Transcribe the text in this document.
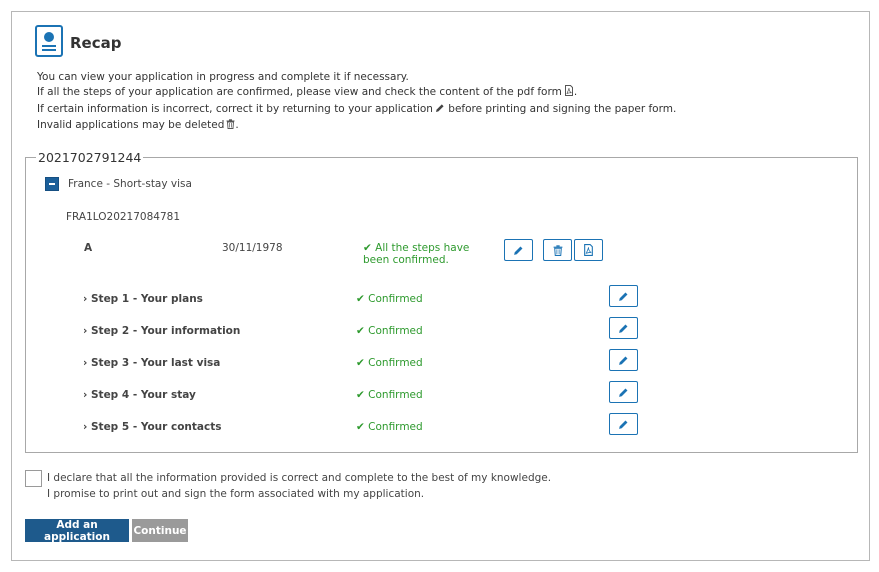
Recap
You can view your application in progress and complete it if necessary.
If all the steps of your application are confirmed, please view and check the content of the pdf form .
If certain information is incorrect, correct it by returning to your application before printing and signing the paper form.
Invalid applications may be deleted .
2021702791244
France - Short-stay visa
FRA1LO20217084781
A	30/11/1978	✔ All the steps have been confirmed.
› Step 1 - Your plans	✔ Confirmed
› Step 2 - Your information	✔ Confirmed
› Step 3 - Your last visa	✔ Confirmed
› Step 4 - Your stay	✔ Confirmed
› Step 5 - Your contacts	✔ Confirmed
I declare that all the information provided is correct and complete to the best of my knowledge.
I promise to print out and sign the form associated with my application.
Add an application	Continue
